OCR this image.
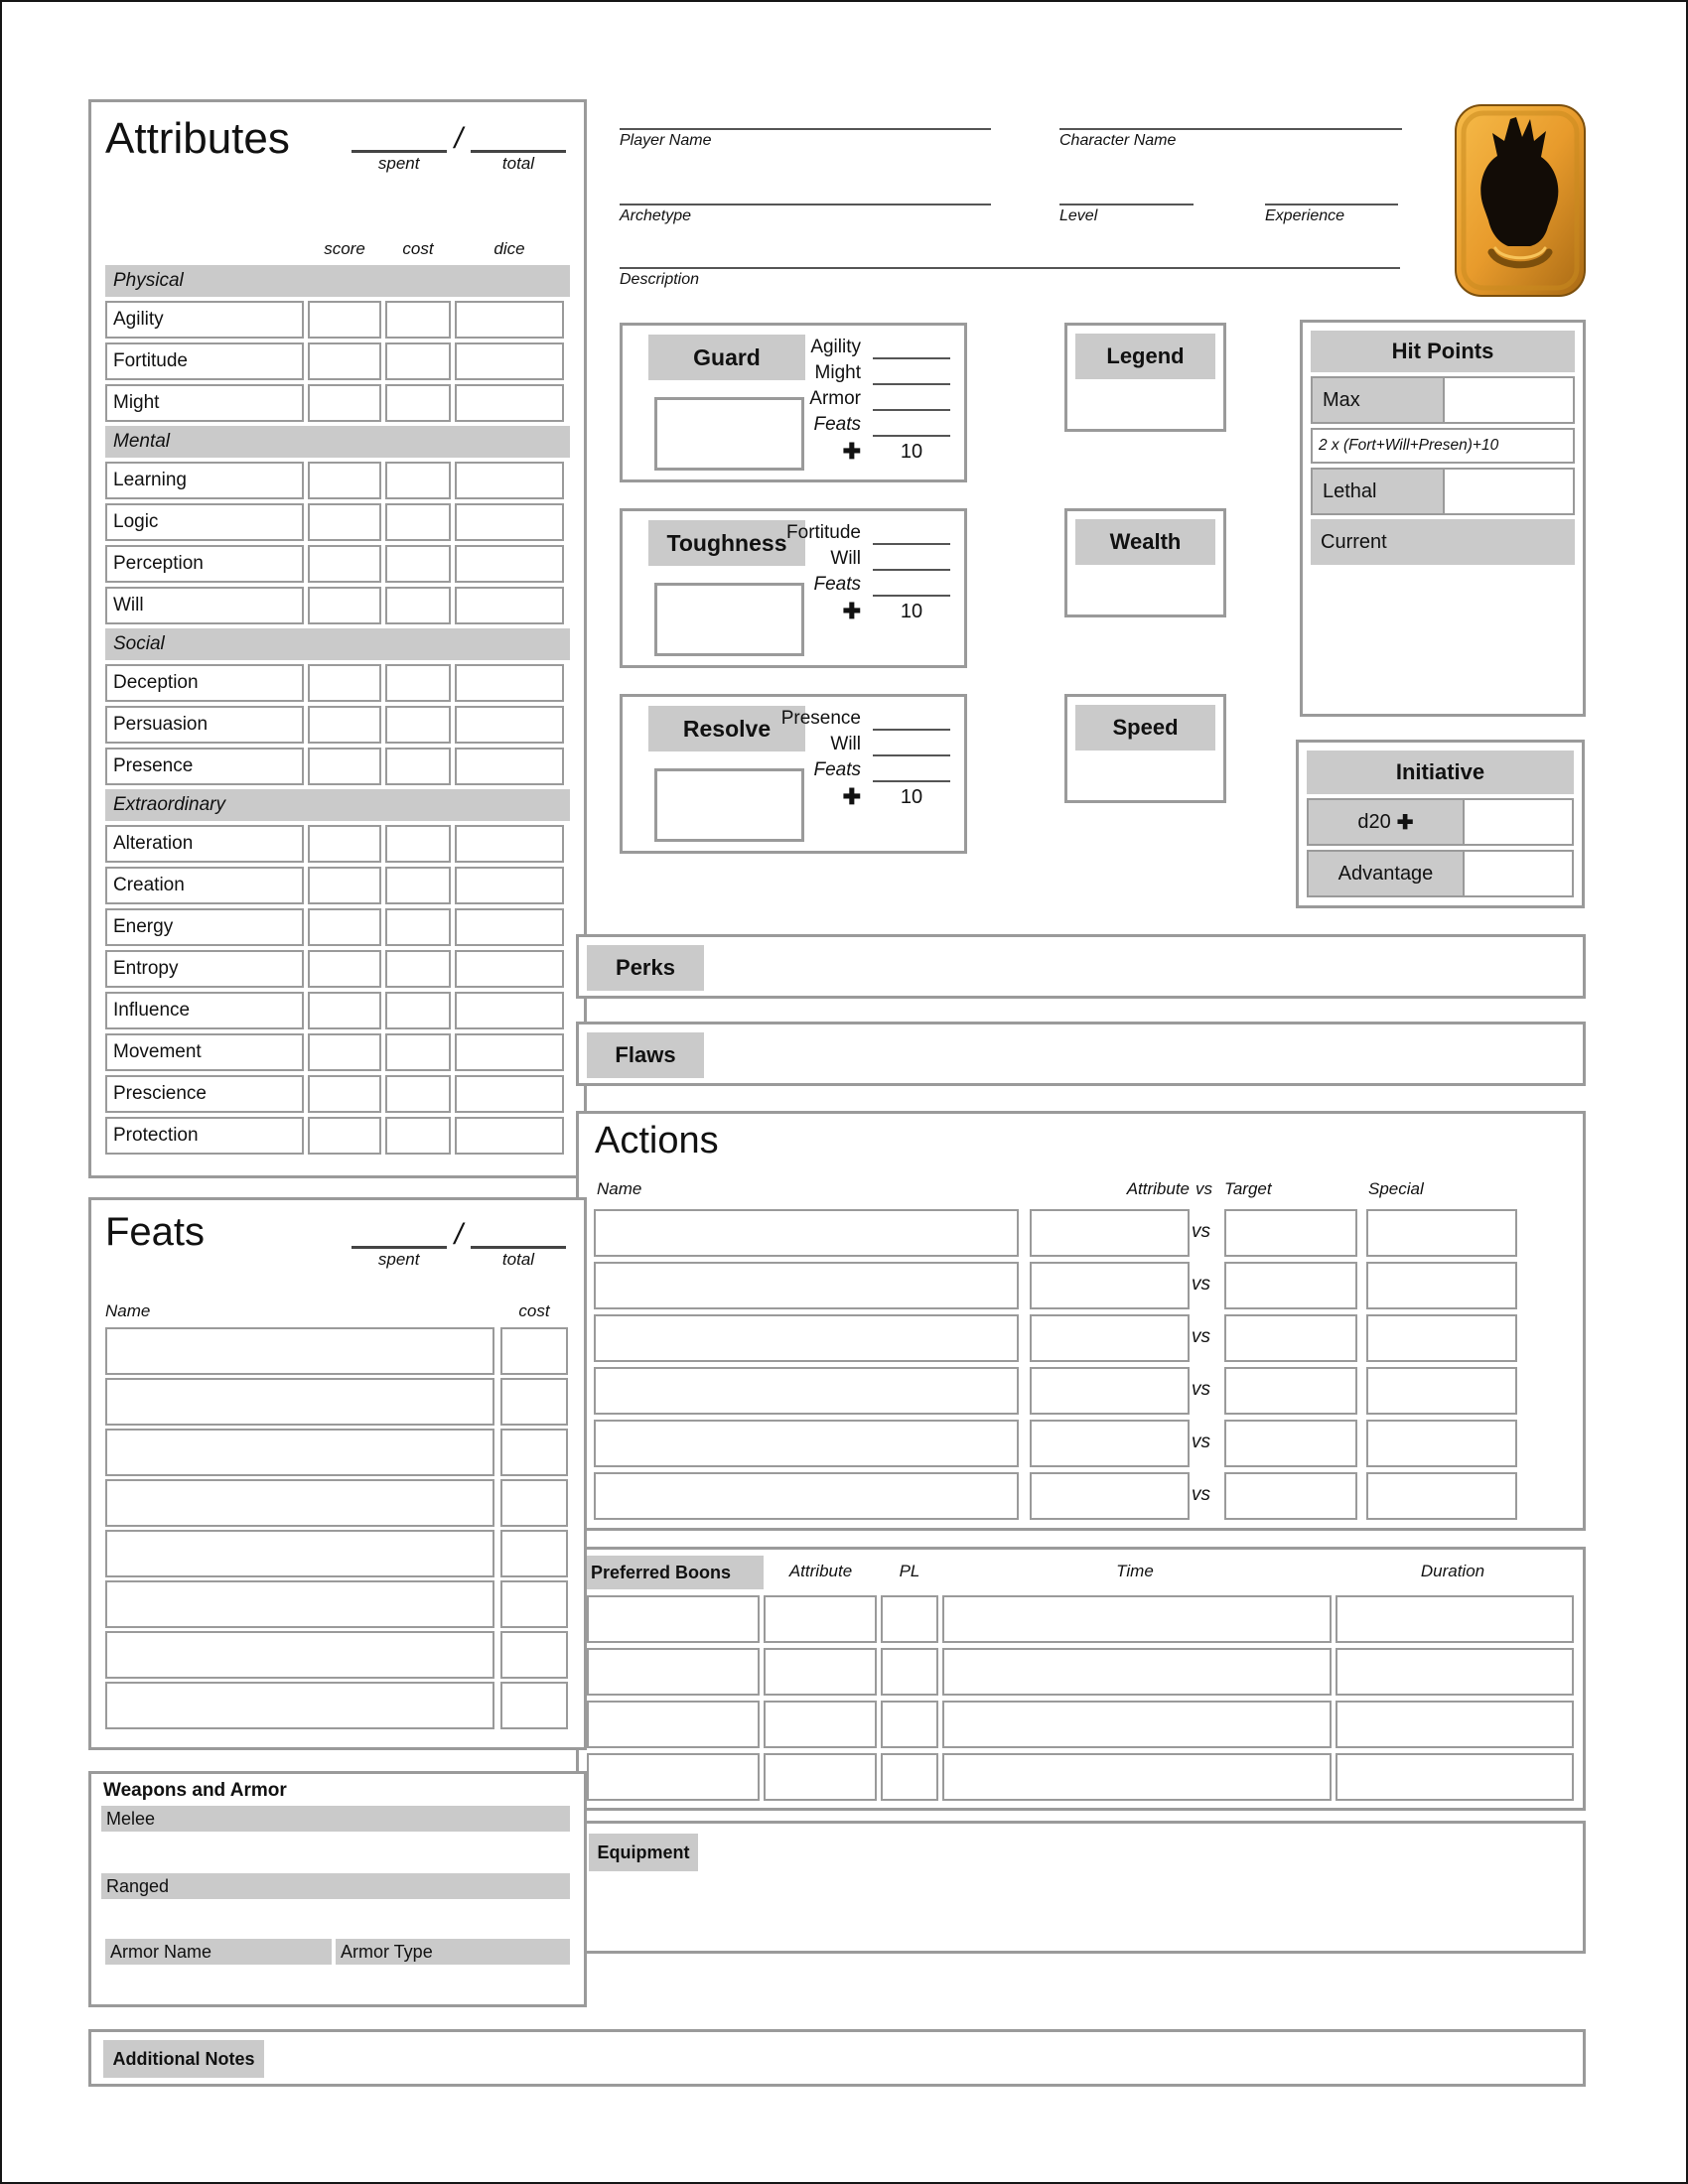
Attributes
spent
/
total
score	cost	dice
Physical
Agility
Fortitude
Might
Mental
Learning
Logic
Perception
Will
Social
Deception
Persuasion
Presence
Extraordinary
Alteration
Creation
Energy
Entropy
Influence
Movement
Prescience
Protection
Player Name	Character Name
Archetype	Level	Experience
Description
Guard	Agility
Might
Armor
Feats
✚	10
Toughness Fortitude
Will
Feats
✚	10
Resolve Presence
Will
Feats
✚	10
Legend
Wealth
Speed
Hit Points
Max
2 x (Fort+Will+Presen)+10
Lethal
Current
Initiative
d20 ✚
Advantage
Perks
Flaws
Actions
Name	Attribute vs Target	Special
vs
vs
vs
vs
vs
vs
Preferred Boons	Attribute	PL	Time	Duration
Equipment
Feats
spent
/
total
Name	cost
Weapons and Armor
Melee
Ranged
Armor Name	Armor Type
Additional Notes
